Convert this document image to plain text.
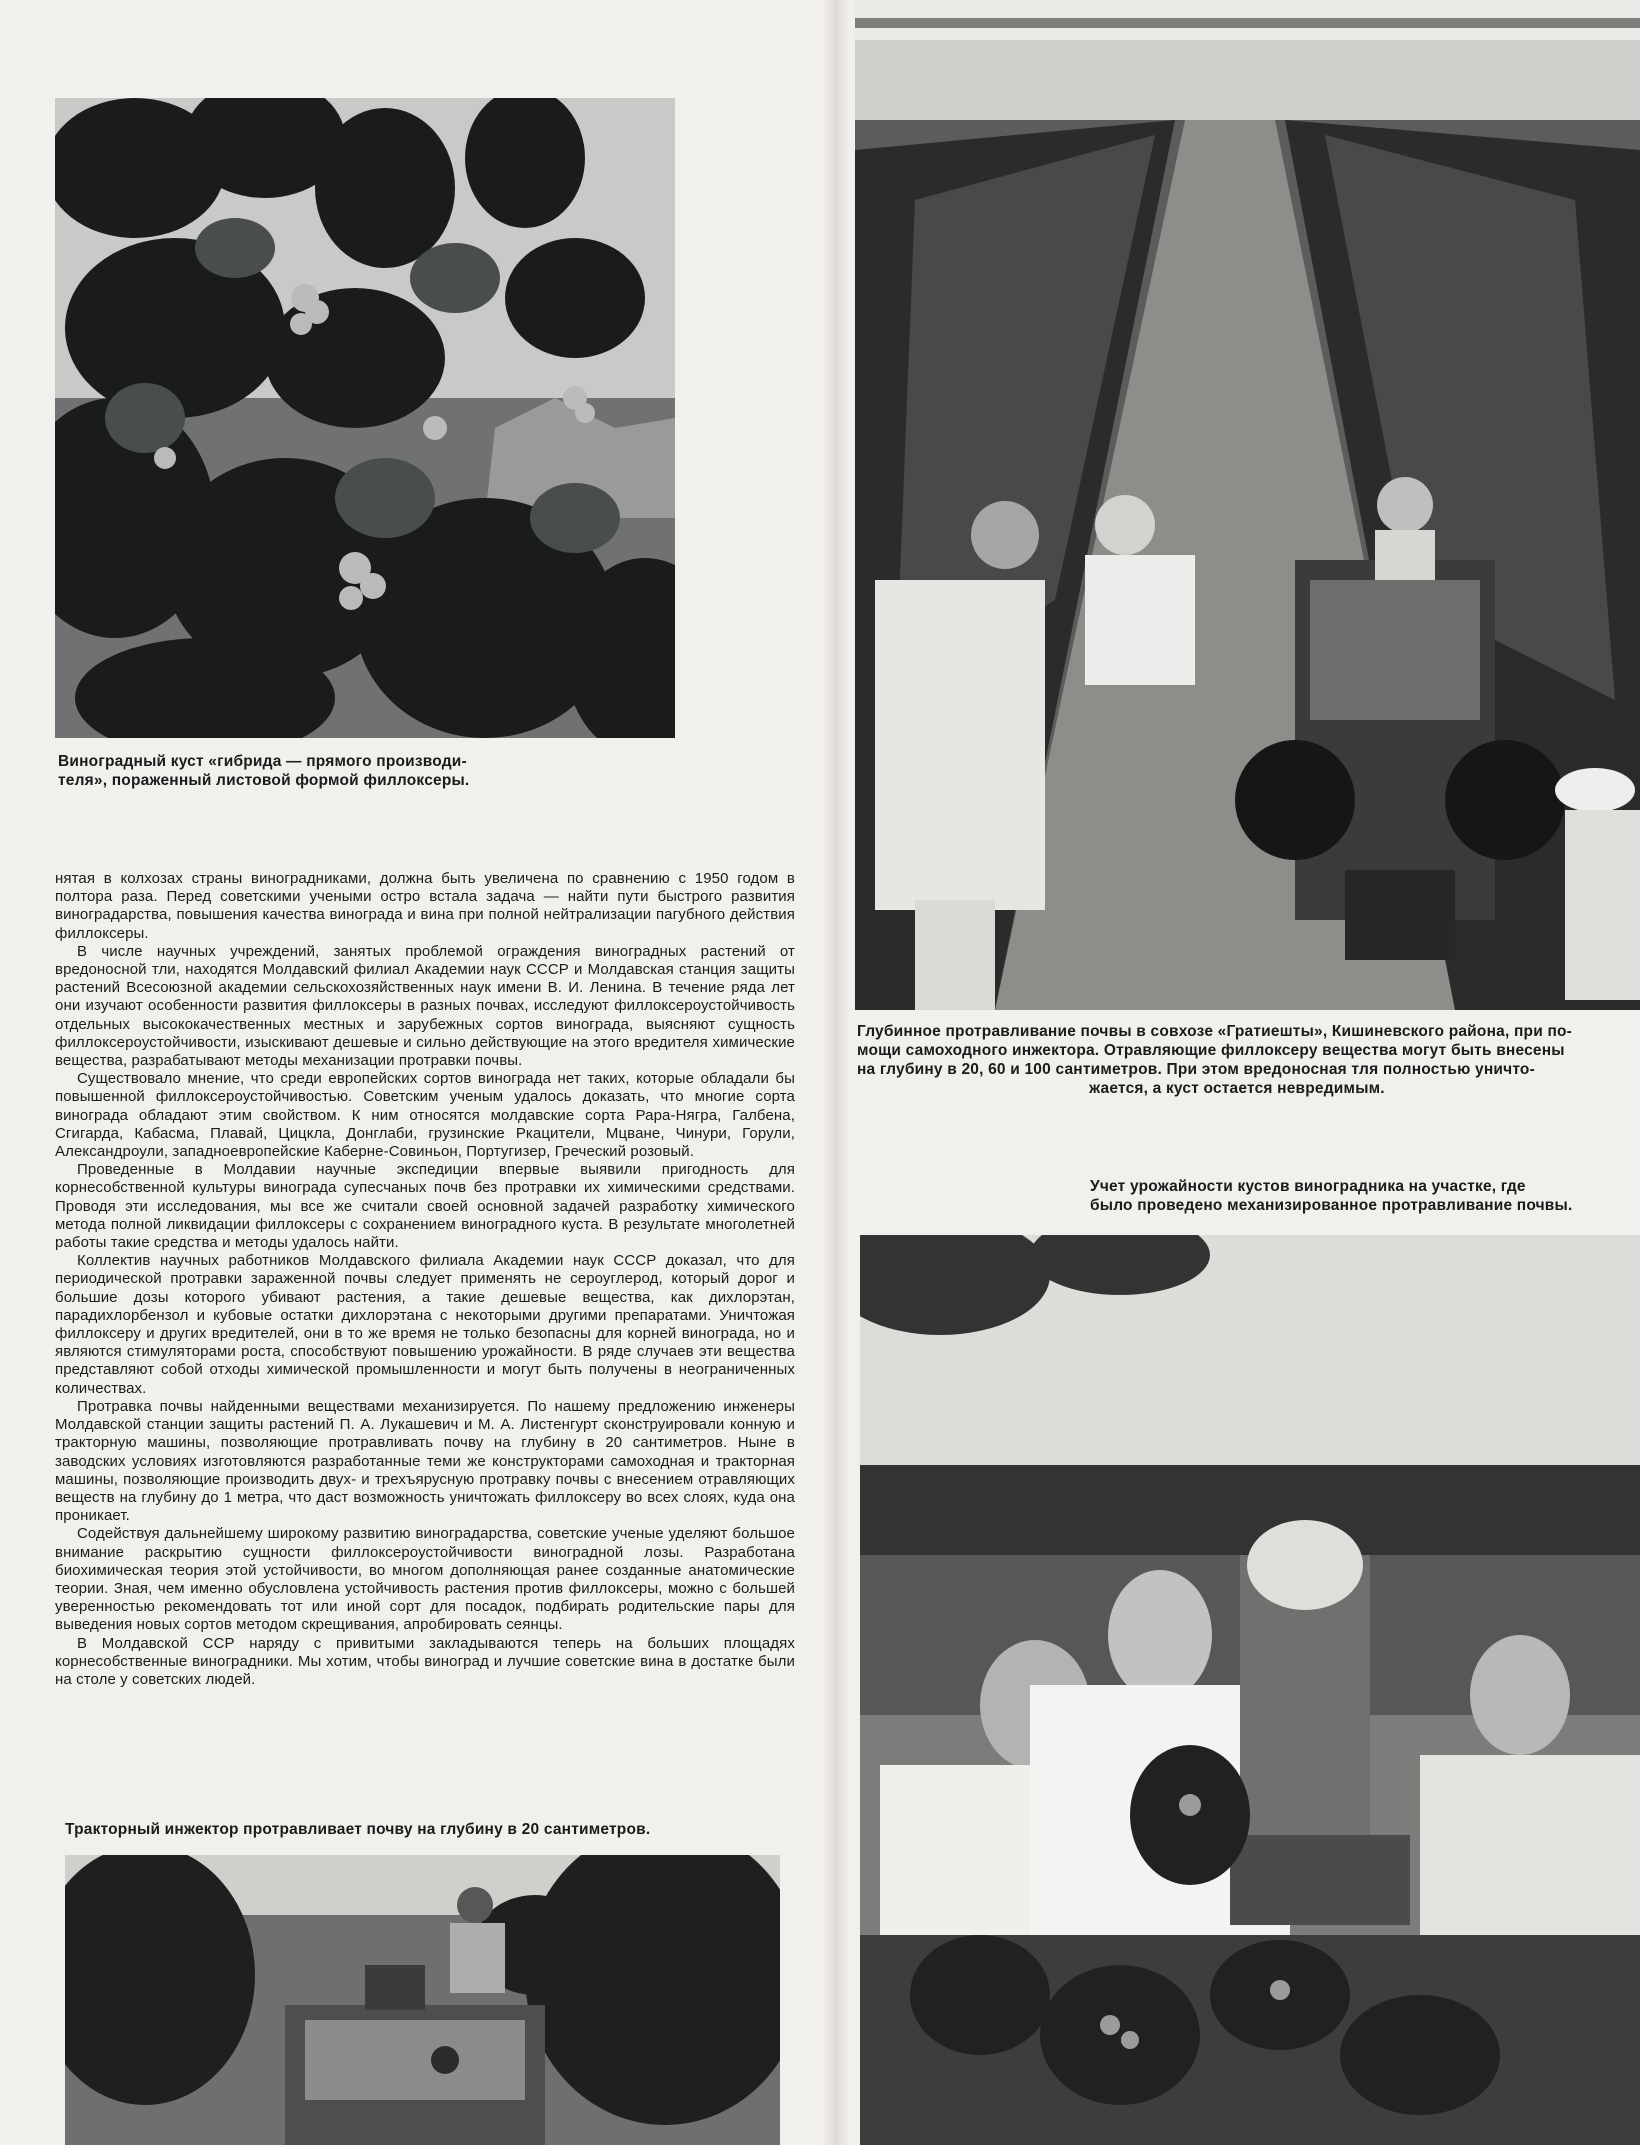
Виноградный куст «гибрида — прямого производи-
теля», пораженный листовой формой филлоксеры.
Глубинное протравливание почвы в совхозе «Гратиешты», Кишиневского района, при по-
мощи самоходного инжектора. Отравляющие филлоксеру вещества могут быть внесены
на глубину в 20, 60 и 100 сантиметров. При этом вредоносная тля полностью уничто-
жается, а куст остается невредимым.
Учет урожайности кустов виноградника на участке, где
было проведено механизированное протравливание почвы.

нятая в колхозах страны виноградниками, должна быть увеличена по сравнению с 1950 годом в полтора раза. Перед советскими учеными остро встала задача — найти пути быстрого развития виноградарства, повышения качества винограда и вина при полной нейтрализации пагубного действия филлоксеры.

В числе научных учреждений, занятых проблемой ограждения виноградных растений от вредоносной тли, находятся Молдавский филиал Академии наук СССР и Молдавская станция защиты растений Всесоюзной академии сельскохозяйственных наук имени В. И. Ленина. В течение ряда лет они изучают особенности развития филлоксеры в разных почвах, исследуют филлоксероустойчивость отдельных высококачественных местных и зарубежных сортов винограда, выясняют сущность филлоксероустойчивости, изыскивают дешевые и сильно действующие на этого вредителя химические вещества, разрабатывают методы механизации протравки почвы.

Существовало мнение, что среди европейских сортов винограда нет таких, которые обладали бы повышенной филлоксероустойчивостью. Советским ученым удалось доказать, что многие сорта винограда обладают этим свойством. К ним относятся молдавские сорта Рара-Нягра, Галбена, Сгигарда, Кабасма, Плавай, Цицкла, Донглаби, грузинские Ркацители, Мцване, Чинури, Горули, Александроули, западноевропейские Каберне-Совиньон, Португизер, Греческий розовый.

Проведенные в Молдавии научные экспедиции впервые выявили пригодность для корнесобственной культуры винограда супесчаных почв без протравки их химическими средствами. Проводя эти исследования, мы все же считали своей основной задачей разработку химического метода полной ликвидации филлоксеры с сохранением виноградного куста. В результате многолетней работы такие средства и методы удалось найти.

Коллектив научных работников Молдавского филиала Академии наук СССР доказал, что для периодической протравки зараженной почвы следует применять не сероуглерод, который дорог и большие дозы которого убивают растения, а такие дешевые вещества, как дихлорэтан, парадихлорбензол и кубовые остатки дихлорэтана с некоторыми другими препаратами. Уничтожая филлоксеру и других вредителей, они в то же время не только безопасны для корней винограда, но и являются стимуляторами роста, способствуют повышению урожайности. В ряде случаев эти вещества представляют собой отходы химической промышленности и могут быть получены в неограниченных количествах.

Протравка почвы найденными веществами механизируется. По нашему предложению инженеры Молдавской станции защиты растений П. А. Лукашевич и М. А. Листенгурт сконструировали конную и тракторную машины, позволяющие протравливать почву на глубину в 20 сантиметров. Ныне в заводских условиях изготовляются разработанные теми же конструкторами самоходная и тракторная машины, позволяющие производить двух- и трехъярусную протравку почвы с внесением отравляющих веществ на глубину до 1 метра, что даст возможность уничтожать филлоксеру во всех слоях, куда она проникает.

Содействуя дальнейшему широкому развитию виноградарства, советские ученые уделяют большое внимание раскрытию сущности филлоксероустойчивости виноградной лозы. Разработана биохимическая теория этой устойчивости, во многом дополняющая ранее созданные анатомические теории. Зная, чем именно обусловлена устойчивость растения против филлоксеры, можно с большей уверенностью рекомендовать тот или иной сорт для посадок, подбирать родительские пары для выведения новых сортов методом скрещивания, апробировать сеянцы.

В Молдавской ССР наряду с привитыми закладываются теперь на больших площадях корнесобственные виноградники. Мы хотим, чтобы виноград и лучшие советские вина в достатке были на столе у советских людей.

Тракторный инжектор протравливает почву на глубину в 20 сантиметров.
